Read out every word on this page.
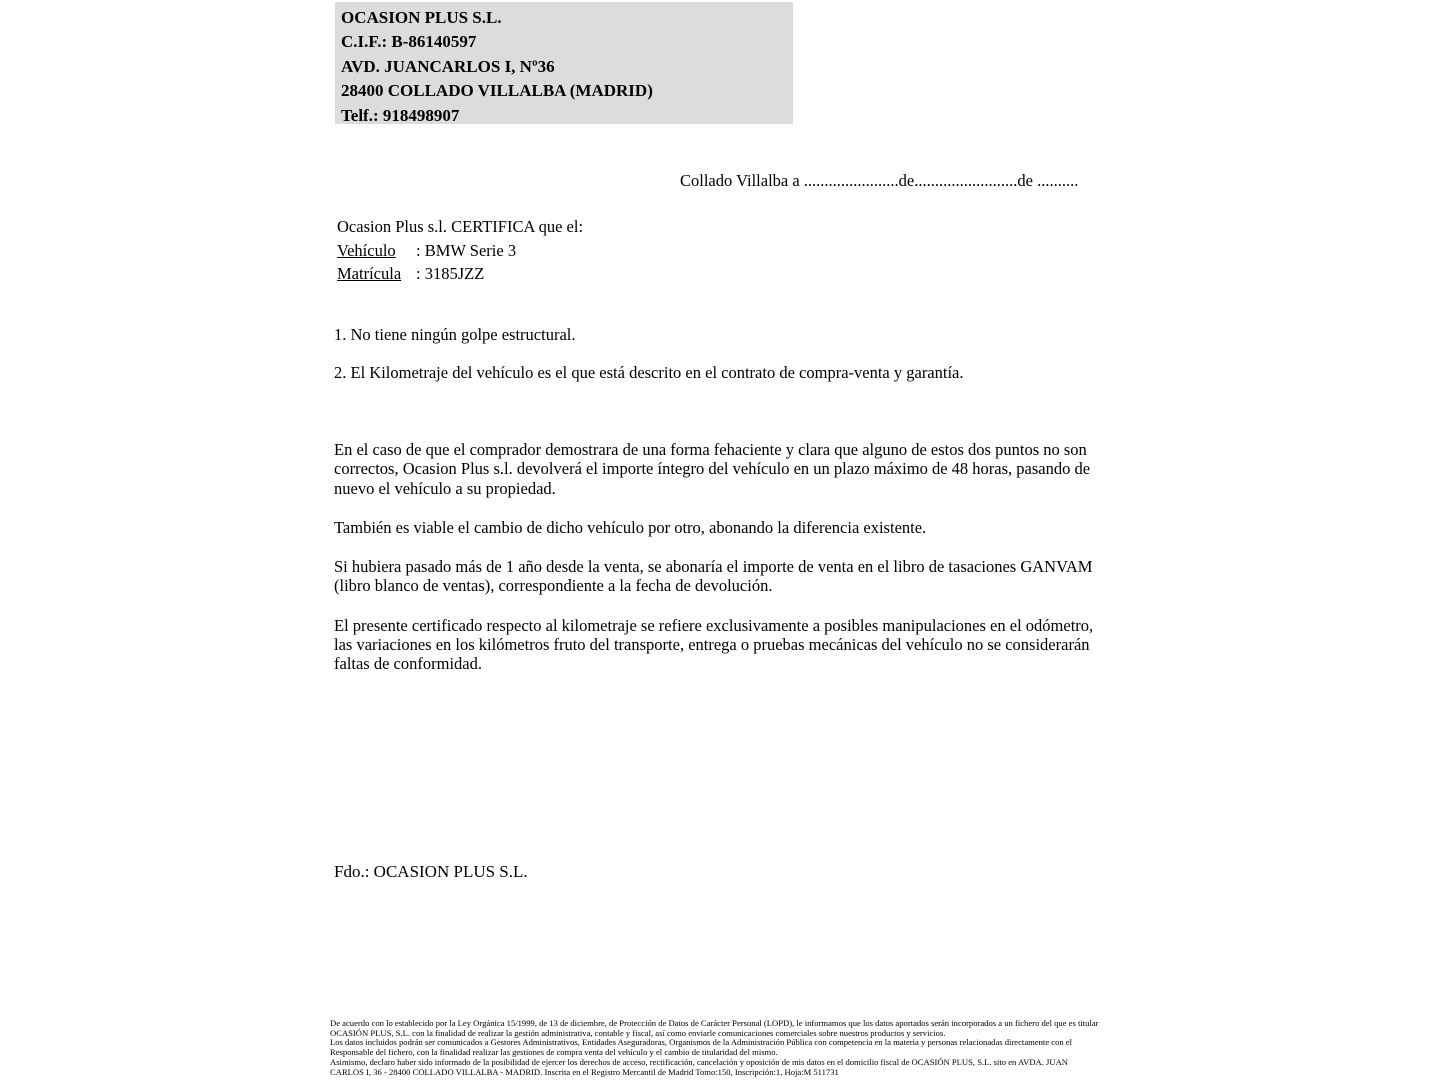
OCASION PLUS S.L.
C.I.F.: B-86140597
AVD. JUANCARLOS I, Nº36
28400 COLLADO VILLALBA (MADRID)
Telf.: 918498907
Collado Villalba a .......................de.........................de ..........
Ocasion Plus s.l. CERTIFICA que el:
Vehículo	: BMW Serie 3
Matrícula : 3185JZZ
1. No tiene ningún golpe estructural.
2. El Kilometraje del vehículo es el que está descrito en el contrato de compra-venta y garantía.

En el caso de que el comprador demostrara de una forma fehaciente y clara que alguno de estos dos puntos no son correctos, Ocasion Plus s.l. devolverá el importe íntegro del vehículo en un plazo máximo de 48 horas, pasando de nuevo el vehículo a su propiedad.

También es viable el cambio de dicho vehículo por otro, abonando la diferencia existente.

Si hubiera pasado más de 1 año desde la venta, se abonaría el importe de venta en el libro de tasaciones GANVAM (libro blanco de ventas), correspondiente a la fecha de devolución.

El presente certificado respecto al kilometraje se refiere exclusivamente a posibles manipulaciones en el odómetro, las variaciones en los kilómetros fruto del transporte, entrega o pruebas mecánicas del vehículo no se considerarán faltas de conformidad.

Fdo.: OCASION PLUS S.L.
De acuerdo con lo establecido por la Ley Orgánica 15/1999, de 13 de diciembre, de Protección de Datos de Carácter Personal (LOPD), le informamos que los datos aportados serán incorporados a un fichero del que es titular
OCASIÓN PLUS, S.L. con la finalidad de realizar la gestión administrativa, contable y fiscal, así como enviarle comunicaciones comerciales sobre nuestros productos y servicios.
Los datos incluidos podrán ser comunicados a Gestores Administrativos, Entidades Aseguradoras, Organismos de la Administración Pública con competencia en la materia y personas relacionadas directamente con el
Responsable del fichero, con la finalidad realizar las gestiones de compra venta del vehículo y el cambio de titularidad del mismo.
Asimismo, declaro haber sido informado de la posibilidad de ejercer los derechos de acceso, rectificación, cancelación y oposición de mis datos en el domicilio fiscal de OCASIÓN PLUS, S.L. sito en AVDA. JUAN
CARLOS I, 36 - 28400 COLLADO VILLALBA - MADRID. Inscrita en el Registro Mercantil de Madrid Tomo:150, Inscripción:1, Hoja:M 511731
